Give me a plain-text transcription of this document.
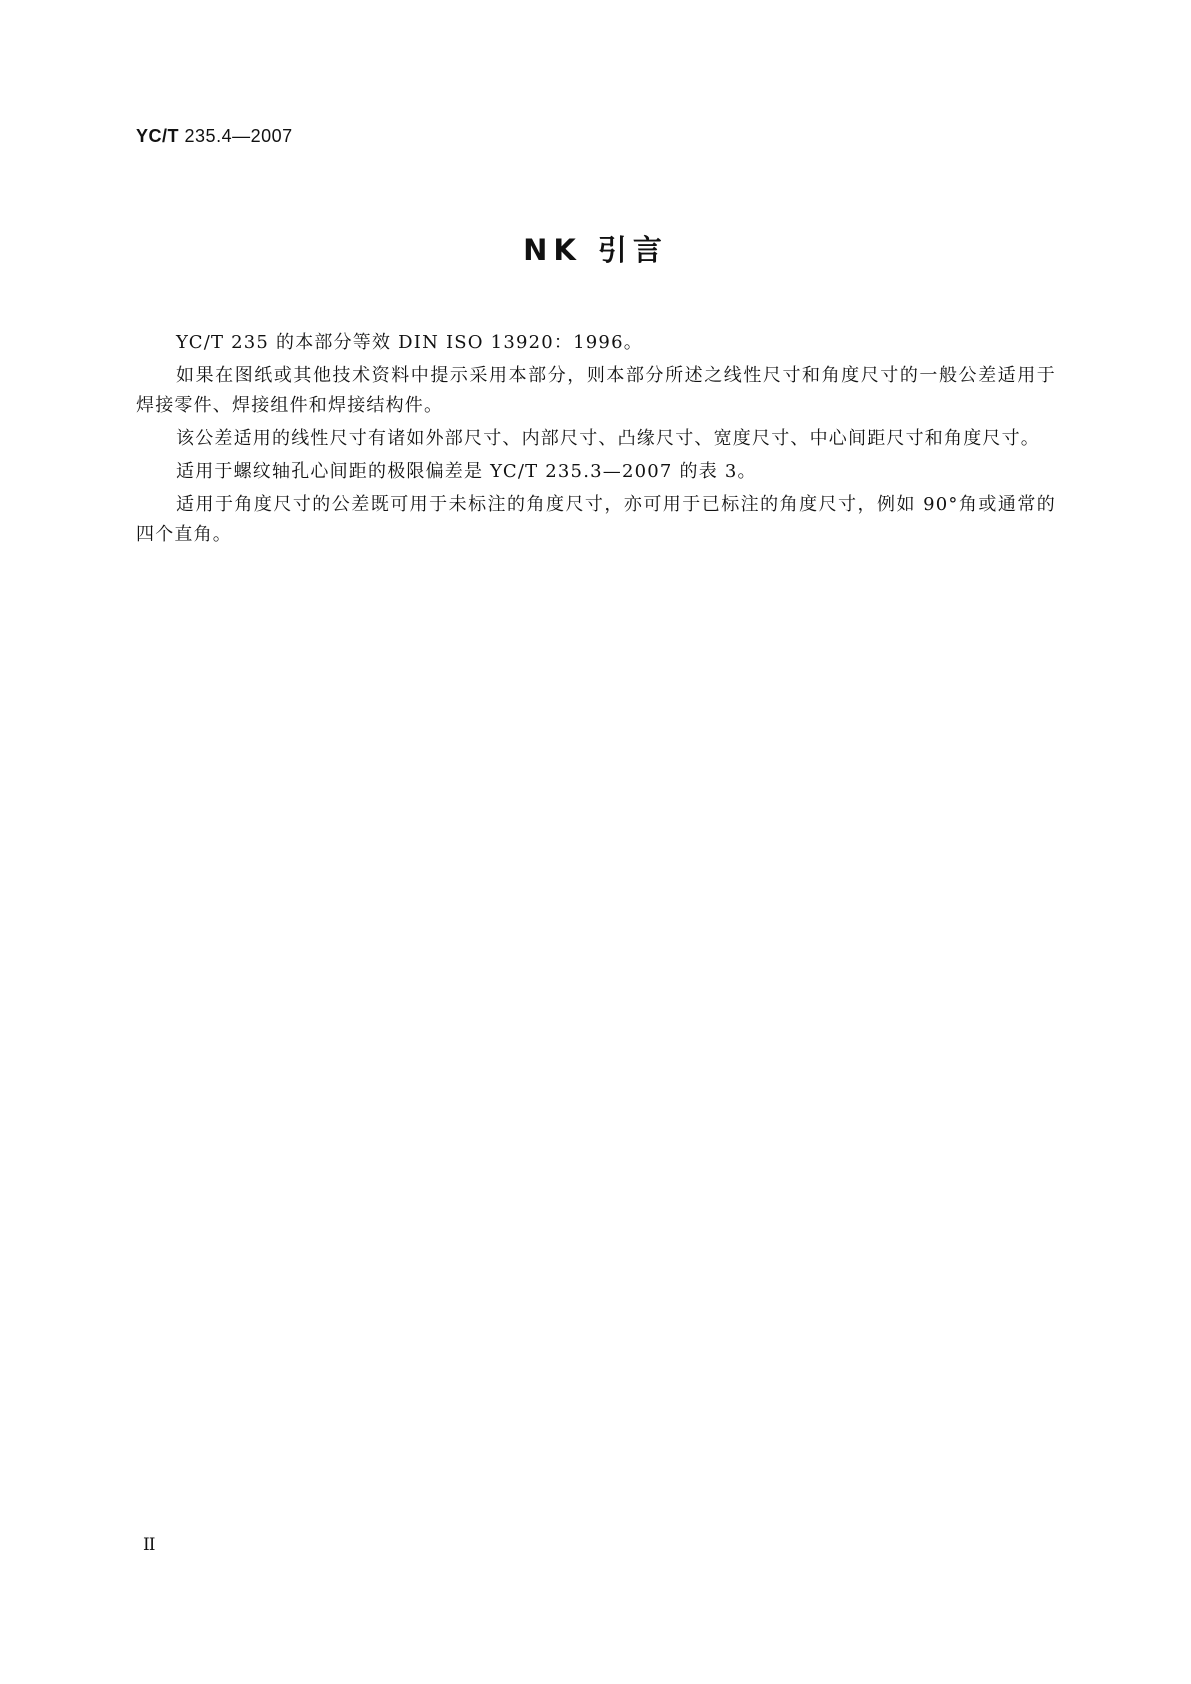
YC/T 235.4—2007
NK 引言

YC/T 235 的本部分等效 DIN ISO 13920：1996。

如果在图纸或其他技术资料中提示采用本部分，则本部分所述之线性尺寸和角度尺寸的一般公差适用于焊接零件、焊接组件和焊接结构件。

该公差适用的线性尺寸有诸如外部尺寸、内部尺寸、凸缘尺寸、宽度尺寸、中心间距尺寸和角度尺寸。

适用于螺纹轴孔心间距的极限偏差是 YC/T 235.3—2007 的表 3。

适用于角度尺寸的公差既可用于未标注的角度尺寸，亦可用于已标注的角度尺寸，例如 90°角或通常的四个直角。

II
